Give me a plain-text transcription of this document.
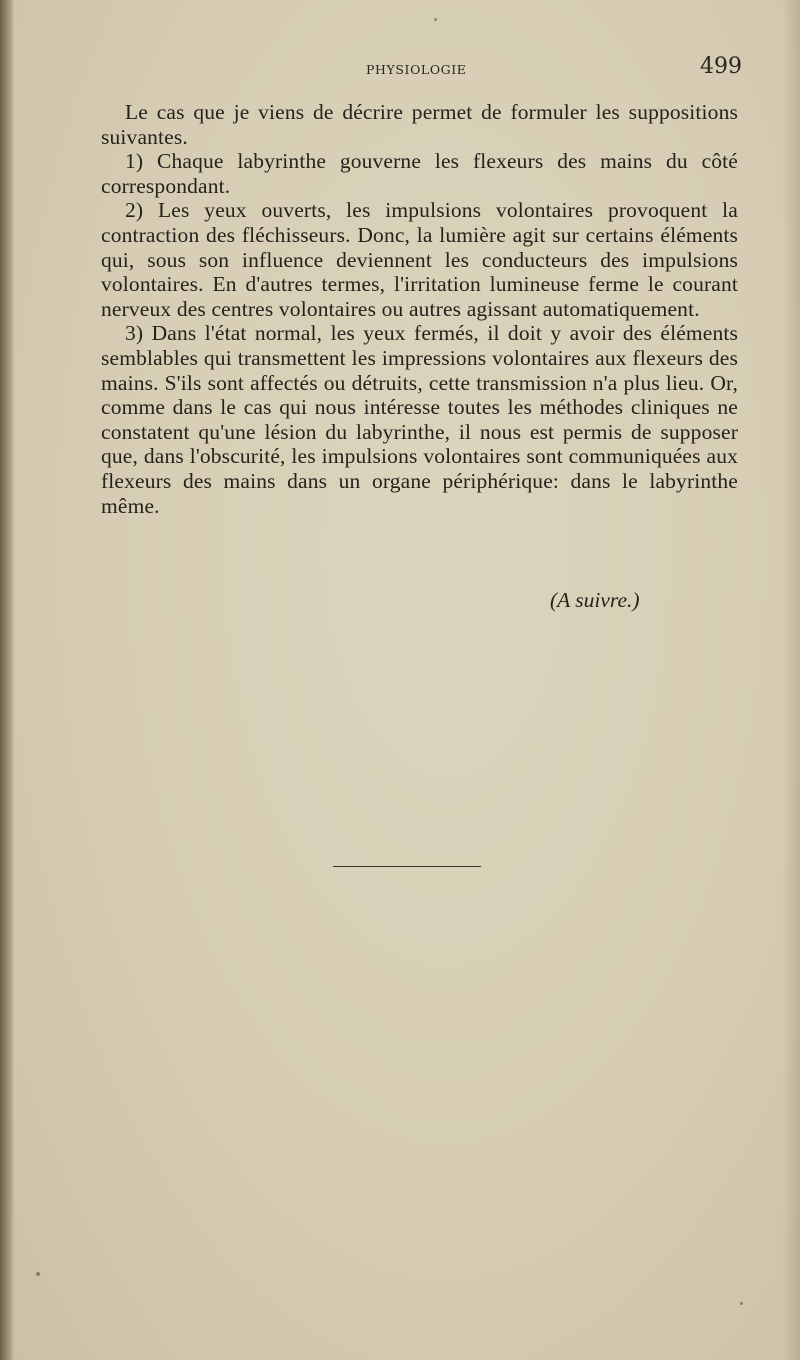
PHYSIOLOGIE	499

Le cas que je viens de décrire permet de formuler les suppositions suivantes.

1) Chaque labyrinthe gouverne les flexeurs des mains du côté correspondant.

2) Les yeux ouverts, les impulsions volontaires provoquent la contraction des fléchisseurs. Donc, la lumière agit sur certains éléments qui, sous son influence deviennent les conducteurs des impulsions volontaires. En d'autres termes, l'irritation lumineuse ferme le courant nerveux des centres volontaires ou autres agissant automatiquement.

3) Dans l'état normal, les yeux fermés, il doit y avoir des éléments semblables qui transmettent les impressions volontaires aux flexeurs des mains. S'ils sont affectés ou détruits, cette transmission n'a plus lieu. Or, comme dans le cas qui nous intéresse toutes les méthodes cliniques ne constatent qu'une lésion du labyrinthe, il nous est permis de supposer que, dans l'obscurité, les impulsions volontaires sont communiquées aux flexeurs des mains dans un organe périphérique: dans le labyrinthe même.

(A suivre.)
